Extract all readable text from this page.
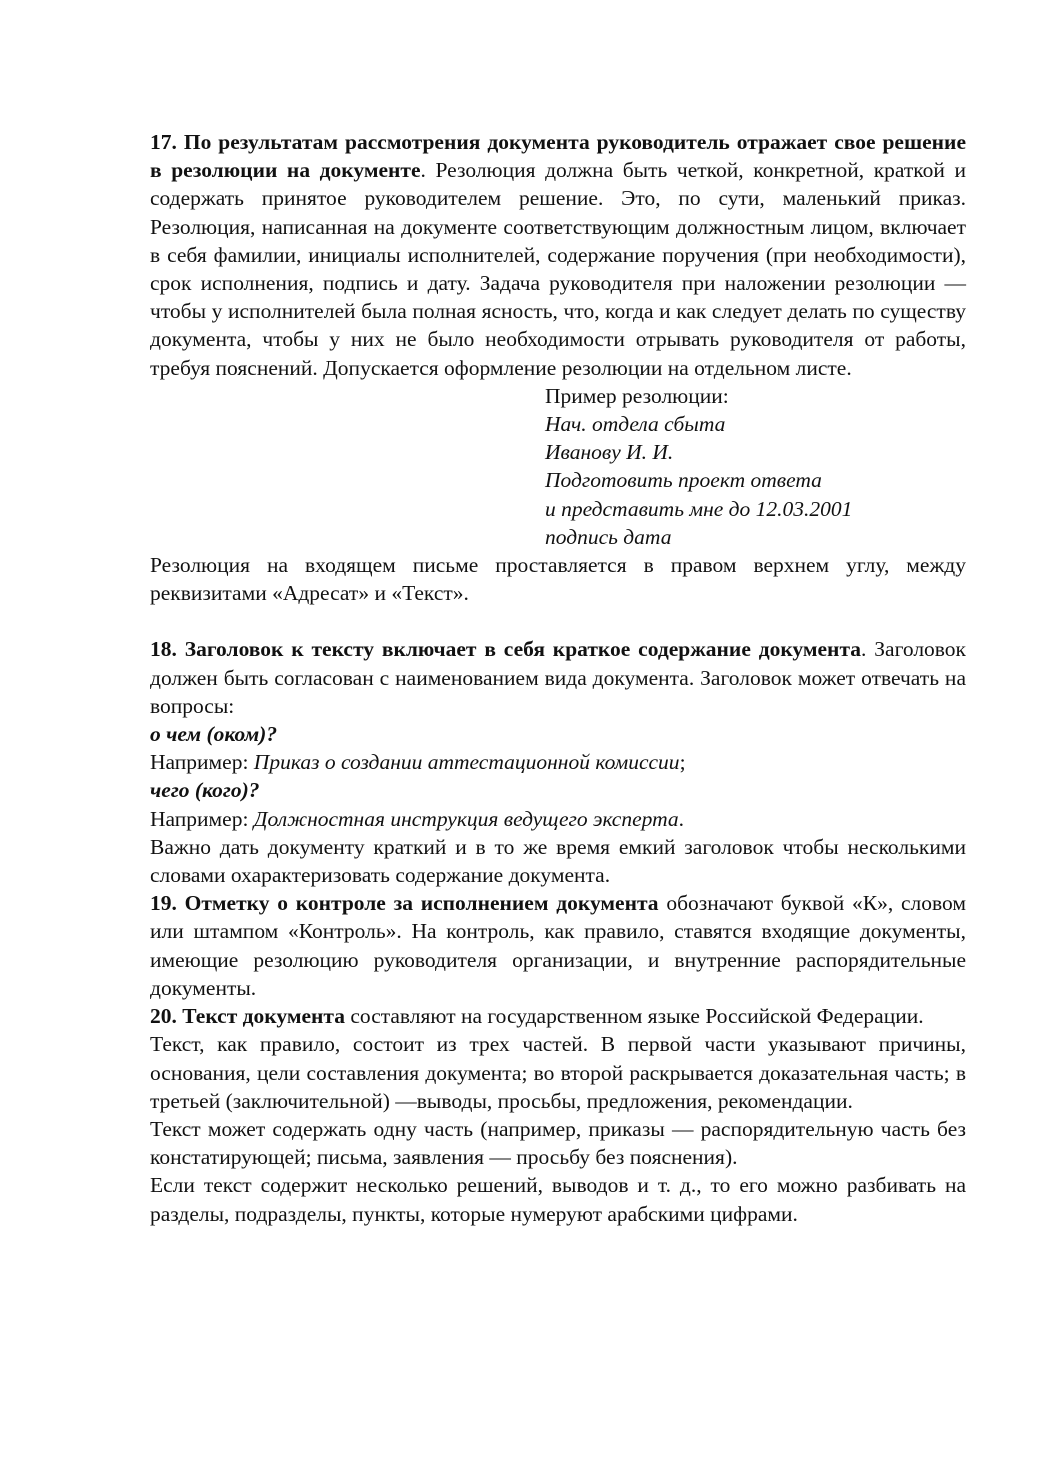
17. По результатам рассмотрения документа руководитель отражает свое решение в резолюции на документе. Резолюция должна быть четкой, конкретной, краткой и содержать принятое руководителем решение. Это, по сути, маленький приказ. Резолюция, написанная на документе соответствующим должностным лицом, включает в себя фамилии, инициалы исполнителей, содержание поручения (при необходимости), срок исполнения, подпись и дату. Задача руководителя при наложении резолюции — чтобы у исполнителей была полная ясность, что, когда и как следует делать по существу документа, чтобы у них не было необходимости отрывать руководителя от работы, требуя пояснений. Допускается оформление резолюции на отдельном листе.

Пример резолюции:
Нач. отдела сбыта
Иванову И. И.
Подготовить проект ответа
и представить мне до 12.03.2001
подпись дата

Резолюция на входящем письме проставляется в правом верхнем углу, между реквизитами «Адресат» и «Текст».

18. Заголовок к тексту включает в себя краткое содержание документа. Заголовок должен быть согласован с наименованием вида документа. Заголовок может отвечать на вопросы:

о чем (оком)?

Например: Приказ о создании аттестационной комиссии;

чего (кого)?

Например: Должностная инструкция ведущего эксперта.

Важно дать документу краткий и в то же время емкий заголовок чтобы несколькими словами охарактеризовать содержание документа.

19. Отметку о контроле за исполнением документа обозначают буквой «К», словом или штампом «Контроль». На контроль, как правило, ставятся входящие документы, имеющие резолюцию руководителя организации, и внутренние распорядительные документы.

20. Текст документа составляют на государственном языке Российской Федерации.

Текст, как правило, состоит из трех частей. В первой части указывают причины, основания, цели составления документа; во второй раскрывается доказательная часть; в третьей (заключительной) —выводы, просьбы, предложения, рекомендации.

Текст может содержать одну часть (например, приказы — распорядительную часть без констатирующей; письма, заявления — просьбу без пояснения).

Если текст содержит несколько решений, выводов и т. д., то его можно разбивать на разделы, подразделы, пункты, которые нумеруют арабскими цифрами.
